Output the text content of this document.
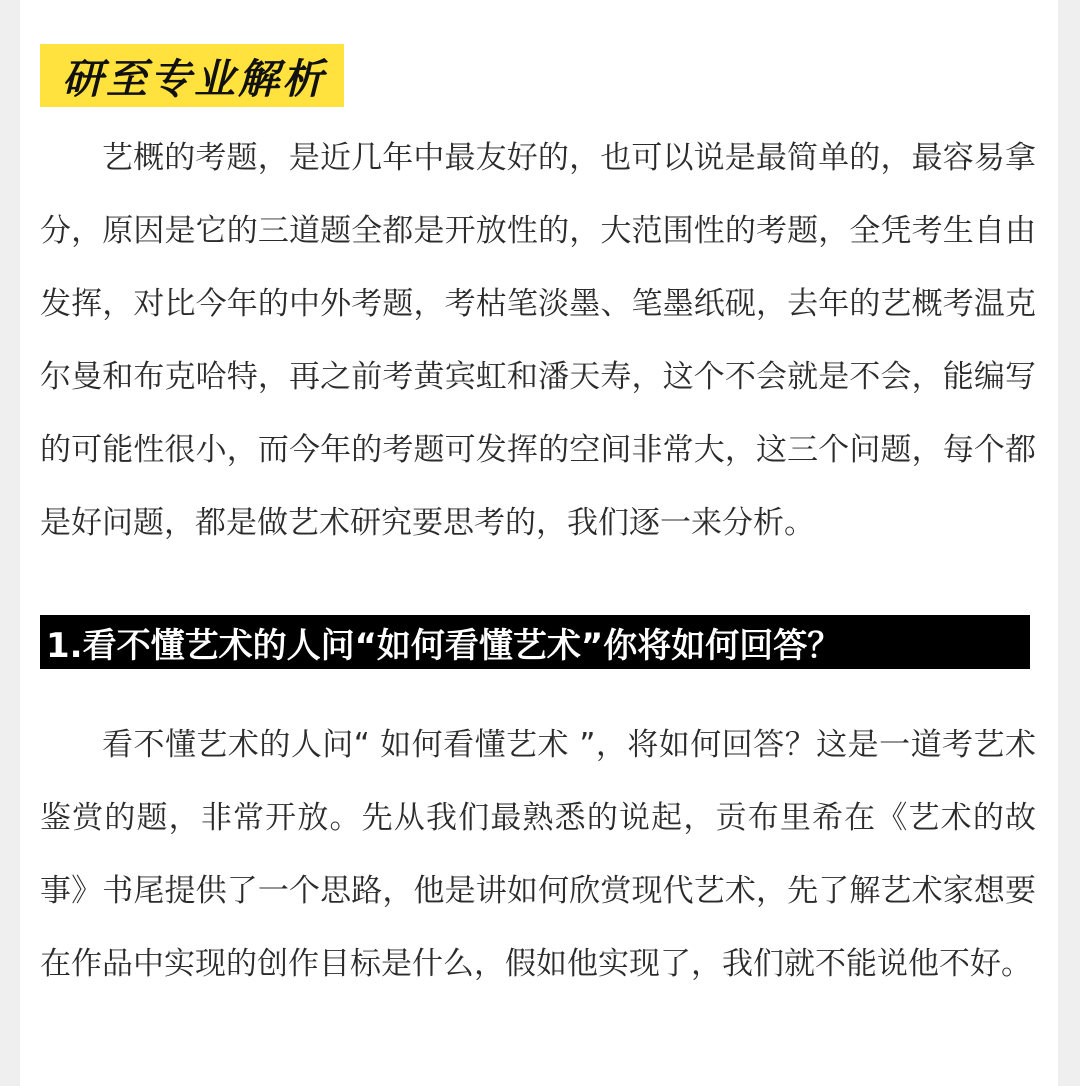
研至专业解析

艺概的考题，是近几年中最友好的，也可以说是最简单的，最容易拿分，原因是它的三道题全都是开放性的，大范围性的考题，全凭考生自由发挥，对比今年的中外考题，考枯笔淡墨、笔墨纸砚，去年的艺概考温克尔曼和布克哈特，再之前考黄宾虹和潘天寿，这个不会就是不会，能编写的可能性很小，而今年的考题可发挥的空间非常大，这三个问题，每个都是好问题，都是做艺术研究要思考的，我们逐一来分析。

1.看不懂艺术的人问“如何看懂艺术”你将如何回答？

看不懂艺术的人问“ 如何看懂艺术 ”，将如何回答？这是一道考艺术鉴赏的题，非常开放。先从我们最熟悉的说起，贡布里希在《艺术的故事》书尾提供了一个思路，他是讲如何欣赏现代艺术，先了解艺术家想要在作品中实现的创作目标是什么，假如他实现了，我们就不能说他不好。
